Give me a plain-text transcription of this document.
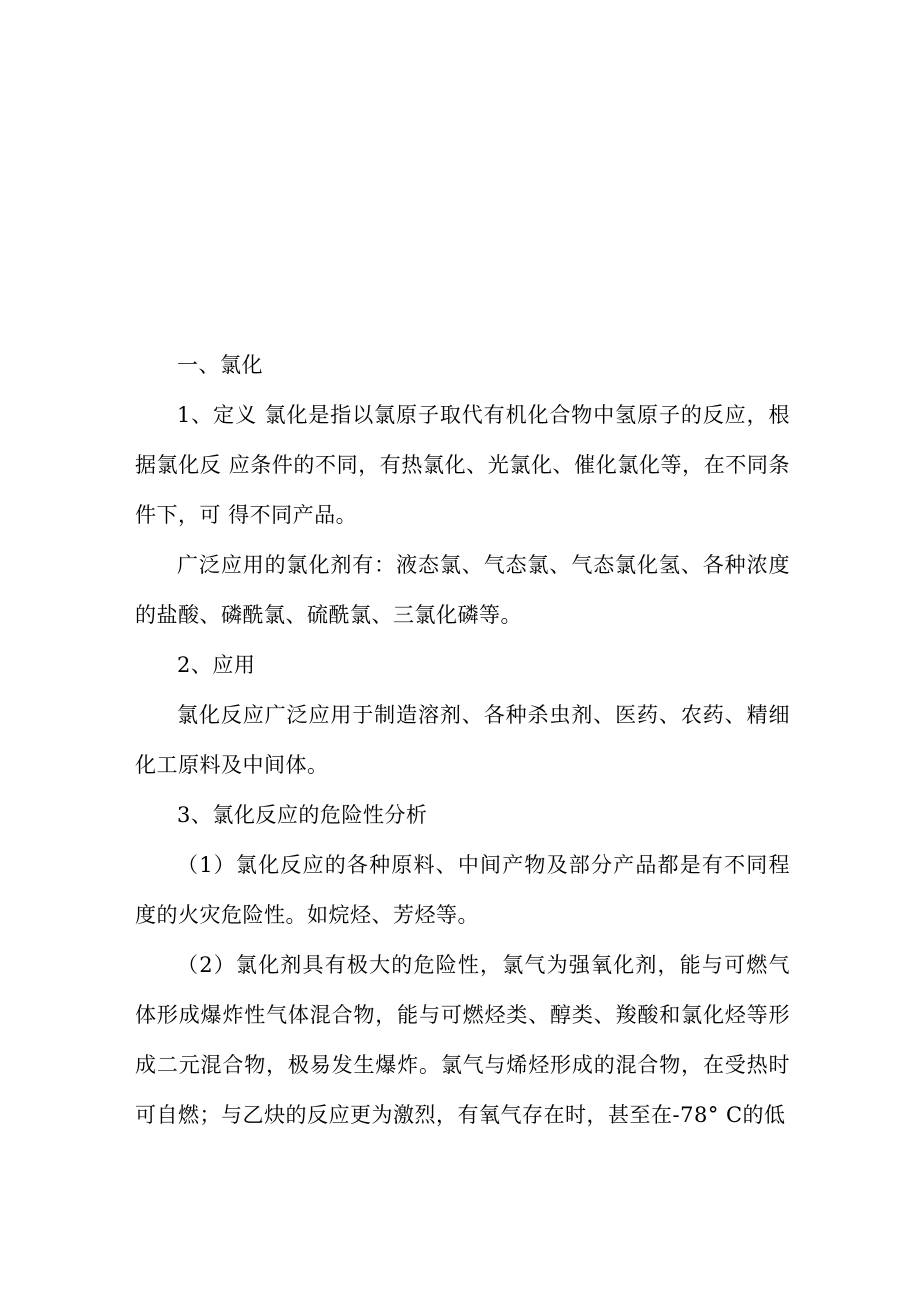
一、氯化

1、定义 氯化是指以氯原子取代有机化合物中氢原子的反应，根据氯化反 应条件的不同，有热氯化、光氯化、催化氯化等，在不同条件下，可 得不同产品。

广泛应用的氯化剂有：液态氯、气态氯、气态氯化氢、各种浓度的盐酸、磷酰氯、硫酰氯、三氯化磷等。

2、应用

氯化反应广泛应用于制造溶剂、各种杀虫剂、医药、农药、精细化工原料及中间体。

3、氯化反应的危险性分析

（1）氯化反应的各种原料、中间产物及部分产品都是有不同程度的火灾危险性。如烷烃、芳烃等。

（2）氯化剂具有极大的危险性，氯气为强氧化剂，能与可燃气体形成爆炸性气体混合物，能与可燃烃类、醇类、羧酸和氯化烃等形成二元混合物，极易发生爆炸。氯气与烯烃形成的混合物，在受热时可自燃；与乙炔的反应更为激烈，有氧气存在时，甚至在-78° C的低
